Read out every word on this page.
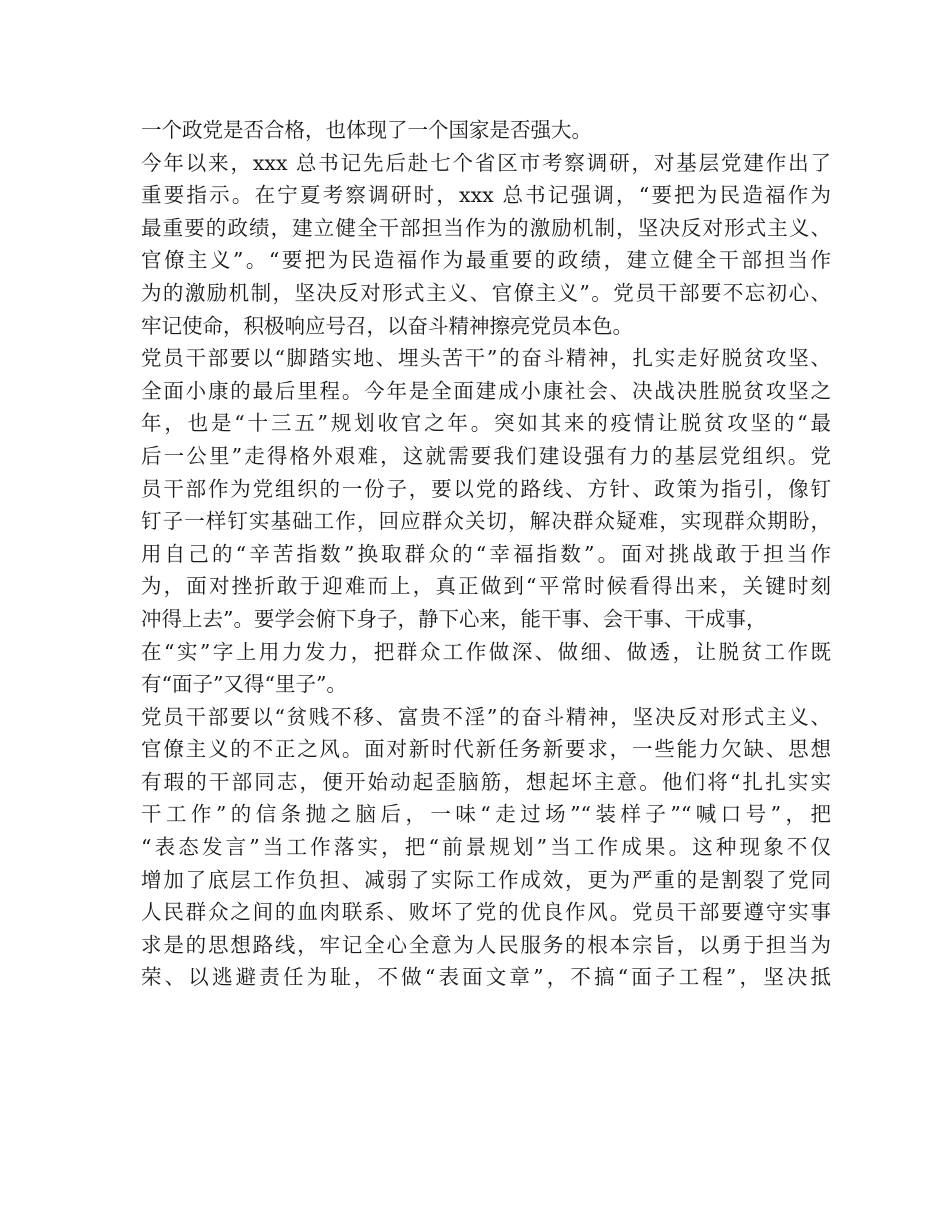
一个政党是否合格，也体现了一个国家是否强大。
今年以来，xxx 总书记先后赴七个省区市考察调研，对基层党建作出了
重要指示。在宁夏考察调研时，xxx 总书记强调，“要把为民造福作为
最重要的政绩，建立健全干部担当作为的激励机制，坚决反对形式主义、
官僚主义”。“要把为民造福作为最重要的政绩，建立健全干部担当作
为的激励机制，坚决反对形式主义、官僚主义”。党员干部要不忘初心、
牢记使命，积极响应号召，以奋斗精神擦亮党员本色。
党员干部要以“脚踏实地、埋头苦干”的奋斗精神，扎实走好脱贫攻坚、
全面小康的最后里程。今年是全面建成小康社会、决战决胜脱贫攻坚之
年，也是“十三五”规划收官之年。突如其来的疫情让脱贫攻坚的“最
后一公里”走得格外艰难，这就需要我们建设强有力的基层党组织。党
员干部作为党组织的一份子，要以党的路线、方针、政策为指引，像钉
钉子一样钉实基础工作，回应群众关切，解决群众疑难，实现群众期盼，
用自己的“辛苦指数”换取群众的“幸福指数”。面对挑战敢于担当作
为，面对挫折敢于迎难而上，真正做到“平常时候看得出来，关键时刻
冲得上去”。要学会俯下身子，静下心来，能干事、会干事、干成事，
在“实”字上用力发力，把群众工作做深、做细、做透，让脱贫工作既
有“面子”又得“里子”。
党员干部要以“贫贱不移、富贵不淫”的奋斗精神，坚决反对形式主义、
官僚主义的不正之风。面对新时代新任务新要求，一些能力欠缺、思想
有瑕的干部同志，便开始动起歪脑筋，想起坏主意。他们将“扎扎实实
干工作”的信条抛之脑后，一味“走过场”“装样子”“喊口号”，把
“表态发言”当工作落实，把“前景规划”当工作成果。这种现象不仅
增加了底层工作负担、减弱了实际工作成效，更为严重的是割裂了党同
人民群众之间的血肉联系、败坏了党的优良作风。党员干部要遵守实事
求是的思想路线，牢记全心全意为人民服务的根本宗旨，以勇于担当为
荣、以逃避责任为耻，不做“表面文章”，不搞“面子工程”，坚决抵
